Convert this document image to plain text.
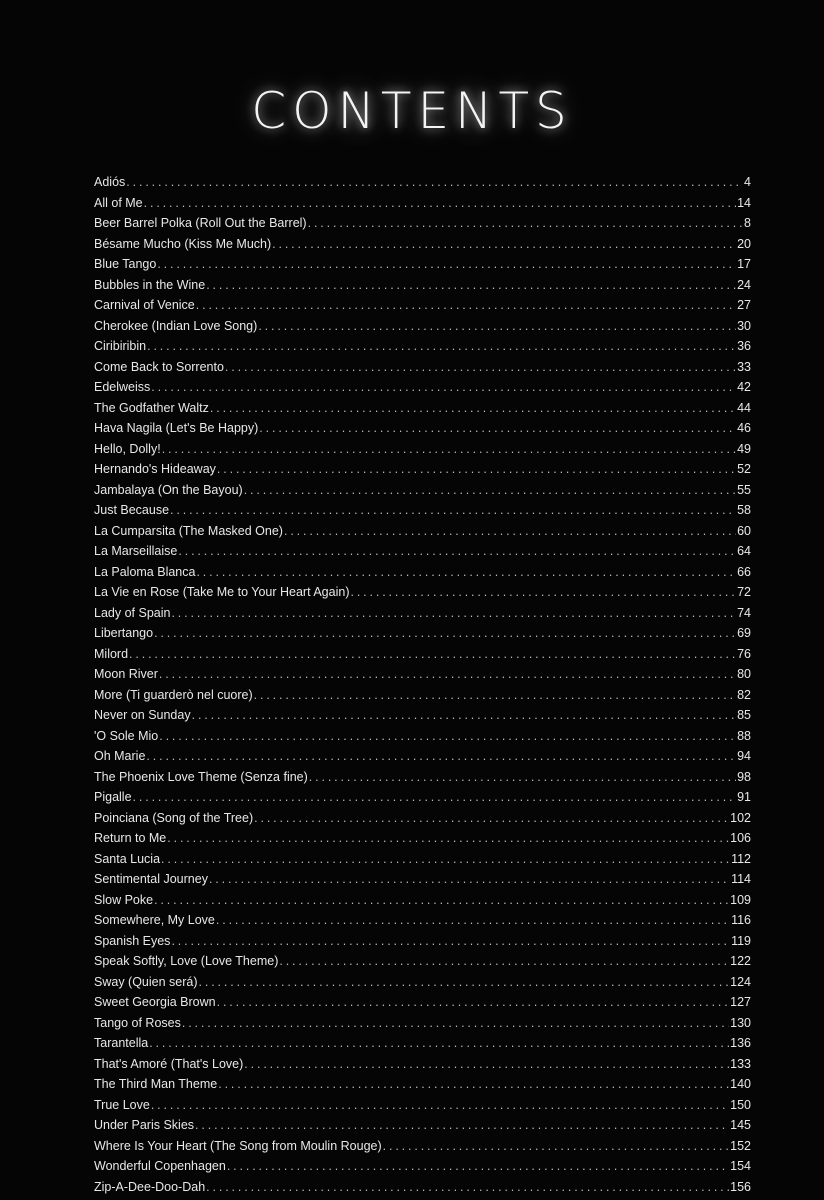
CONTENTS
Adiós . . .	4
All of Me . . .	14
Beer Barrel Polka (Roll Out the Barrel) . . .	8
Bésame Mucho (Kiss Me Much) . . .	20
Blue Tango . . .	17
Bubbles in the Wine . . .	24
Carnival of Venice . . .	27
Cherokee (Indian Love Song) . . .	30
Ciribiribin . . .	36
Come Back to Sorrento . . .	33
Edelweiss . . .	42
The Godfather Waltz . . .	44
Hava Nagila (Let's Be Happy) . . .	46
Hello, Dolly! . . .	49
Hernando's Hideaway . . .	52
Jambalaya (On the Bayou) . . .	55
Just Because . . .	58
La Cumparsita (The Masked One) . . .	60
La Marseillaise . . .	64
La Paloma Blanca . . .	66
La Vie en Rose (Take Me to Your Heart Again) . . .	72
Lady of Spain . . .	74
Libertango . . .	69
Milord . . .	76
Moon River . . .	80
More (Ti guarderò nel cuore) . . .	82
Never on Sunday . . .	85
'O Sole Mio . . .	88
Oh Marie . . .	94
The Phoenix Love Theme (Senza fine) . . .	98
Pigalle . . .	91
Poinciana (Song of the Tree) . . .	102
Return to Me . . .	106
Santa Lucia . . .	112
Sentimental Journey . . .	114
Slow Poke . . .	109
Somewhere, My Love . . .	116
Spanish Eyes . . .	119
Speak Softly, Love (Love Theme) . . .	122
Sway (Quien será) . . .	124
Sweet Georgia Brown . . .	127
Tango of Roses . . .	130
Tarantella . . .	136
That's Amoré (That's Love) . . .	133
The Third Man Theme . . .	140
True Love . . .	150
Under Paris Skies . . .	145
Where Is Your Heart (The Song from Moulin Rouge) . . .	152
Wonderful Copenhagen . . .	154
Zip-A-Dee-Doo-Dah . . .	156
